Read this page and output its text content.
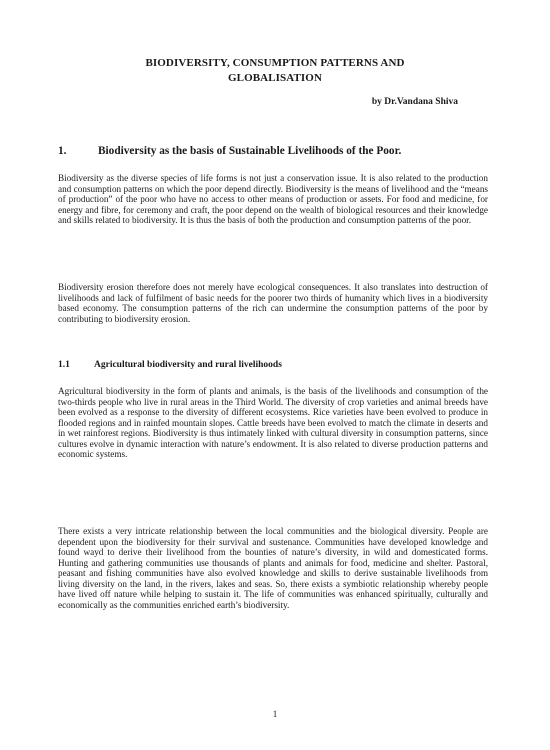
BIODIVERSITY, CONSUMPTION PATTERNS AND
GLOBALISATION
by Dr.Vandana Shiva
1.	Biodiversity as the basis of Sustainable Livelihoods of the Poor.

Biodiversity as the diverse species of life forms is not just a conservation issue. It is also related to the production and consumption patterns on which the poor depend directly. Biodiversity is the means of livelihood and the “means of production” of the poor who have no access to other means of production or assets. For food and medicine, for energy and fibre, for ceremony and craft, the poor depend on the wealth of biological resources and their knowledge and skills related to biodiversity. It is thus the basis of both the production and consumption patterns of the poor.

Biodiversity erosion therefore does not merely have ecological consequences. It also translates into destruction of livelihoods and lack of fulfilment of basic needs for the poorer two thirds of humanity which lives in a biodiversity based economy. The consumption patterns of the rich can undermine the consumption patterns of the poor by contributing to biodiversity erosion.

1.1	Agricultural biodiversity and rural livelihoods

Agricultural biodiversity in the form of plants and animals, is the basis of the livelihoods and consumption of the two-thirds people who live in rural areas in the Third World. The diversity of crop varieties and animal breeds have been evolved as a response to the diversity of different ecosystems. Rice varieties have been evolved to produce in flooded regions and in rainfed mountain slopes. Cattle breeds have been evolved to match the climate in deserts and in wet rainforest regions. Biodiversity is thus intimately linked with cultural diversity in consumption patterns, since cultures evolve in dynamic interaction with nature’s endowment. It is also related to diverse production patterns and economic systems.

There exists a very intricate relationship between the local communities and the biological diversity. People are dependent upon the biodiversity for their survival and sustenance. Communities have developed knowledge and found wayd to derive their livelihood from the bounties of nature’s diversity, in wild and domesticated forms. Hunting and gathering communities use thousands of plants and animals for food, medicine and shelter. Pastoral, peasant and fishing communities have also evolved knowledge and skills to derive sustainable livelihoods from living diversity on the land, in the rivers, lakes and seas. So, there exists a symbiotic relationship whereby people have lived off nature while helping to sustain it. The life of communities was enhanced spiritually, culturally and economically as the communities enriched earth’s biodiversity.

1
